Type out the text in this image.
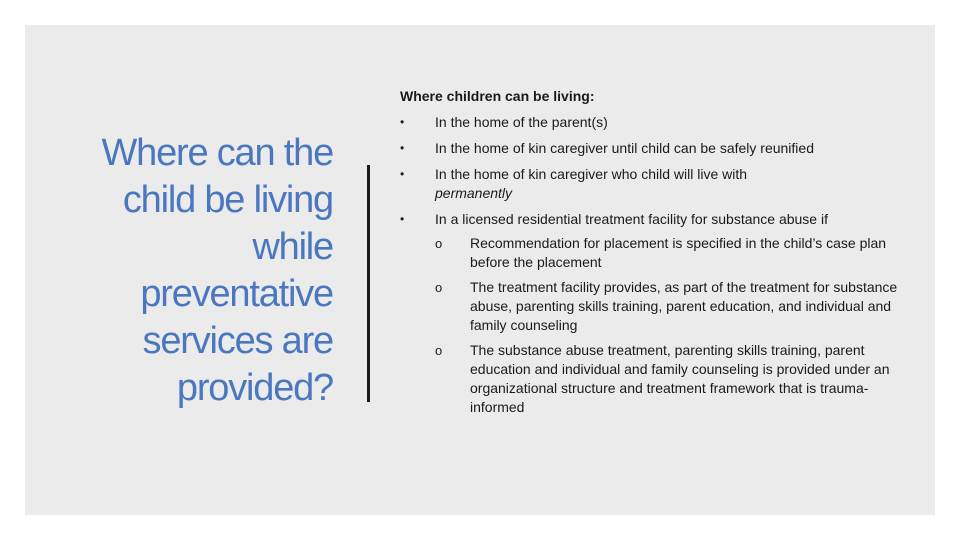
Where can the
child be living
while
preventative
services are
provided?
Where children can be living:
•	In the home of the parent(s)
•	In the home of kin caregiver until child can be safely reunified
•	In the home of kin caregiver who child will live with
permanently
•	In a licensed residential treatment facility for substance abuse if
o Recommendation for placement is specified in the child’s case plan before the placement
o The treatment facility provides, as part of the treatment for substance abuse, parenting skills training, parent education, and individual and family counseling
o The substance abuse treatment, parenting skills training, parent education and individual and family counseling is provided under an organizational structure and treatment framework that is trauma-informed
